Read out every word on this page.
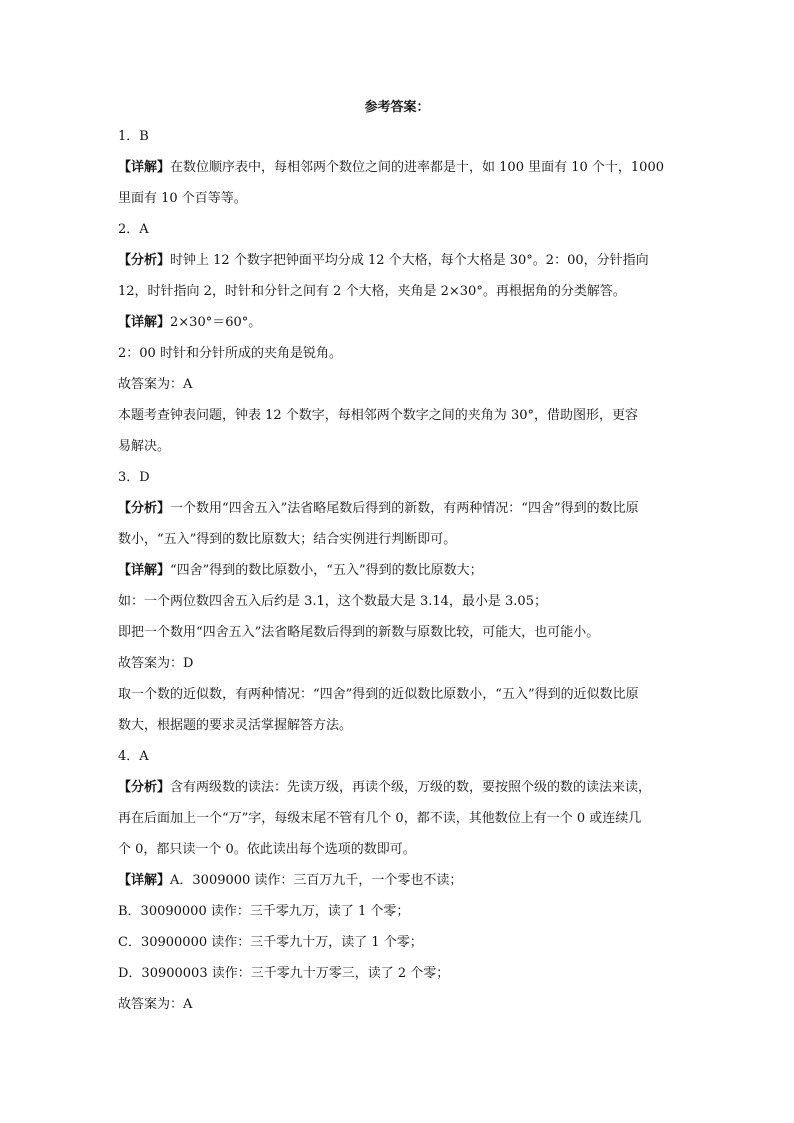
参考答案：
1．B
【详解】在数位顺序表中，每相邻两个数位之间的进率都是十，如 100 里面有 10 个十，1000
里面有 10 个百等等。
2．A
【分析】时钟上 12 个数字把钟面平均分成 12 个大格，每个大格是 30°。2：00，分针指向
12，时针指向 2，时针和分针之间有 2 个大格，夹角是 2×30°。再根据角的分类解答。
【详解】2×30°＝60°。
2：00 时针和分针所成的夹角是锐角。
故答案为：A
本题考查钟表问题，钟表 12 个数字，每相邻两个数字之间的夹角为 30°，借助图形，更容
易解决。
3．D
【分析】一个数用“四舍五入”法省略尾数后得到的新数，有两种情况：“四舍”得到的数比原
数小，“五入”得到的数比原数大；结合实例进行判断即可。
【详解】“四舍”得到的数比原数小，“五入”得到的数比原数大；
如：一个两位数四舍五入后约是 3.1，这个数最大是 3.14，最小是 3.05；
即把一个数用“四舍五入”法省略尾数后得到的新数与原数比较，可能大，也可能小。
故答案为：D
取一个数的近似数，有两种情况：“四舍”得到的近似数比原数小，“五入”得到的近似数比原
数大，根据题的要求灵活掌握解答方法。
4．A
【分析】含有两级数的读法：先读万级，再读个级，万级的数，要按照个级的数的读法来读，
再在后面加上一个“万”字，每级末尾不管有几个 0，都不读，其他数位上有一个 0 或连续几
个 0，都只读一个 0。依此读出每个选项的数即可。
【详解】A．3009000 读作：三百万九千，一个零也不读；
B．30090000 读作：三千零九万，读了 1 个零；
C．30900000 读作：三千零九十万，读了 1 个零；
D．30900003 读作：三千零九十万零三，读了 2 个零；
故答案为：A
